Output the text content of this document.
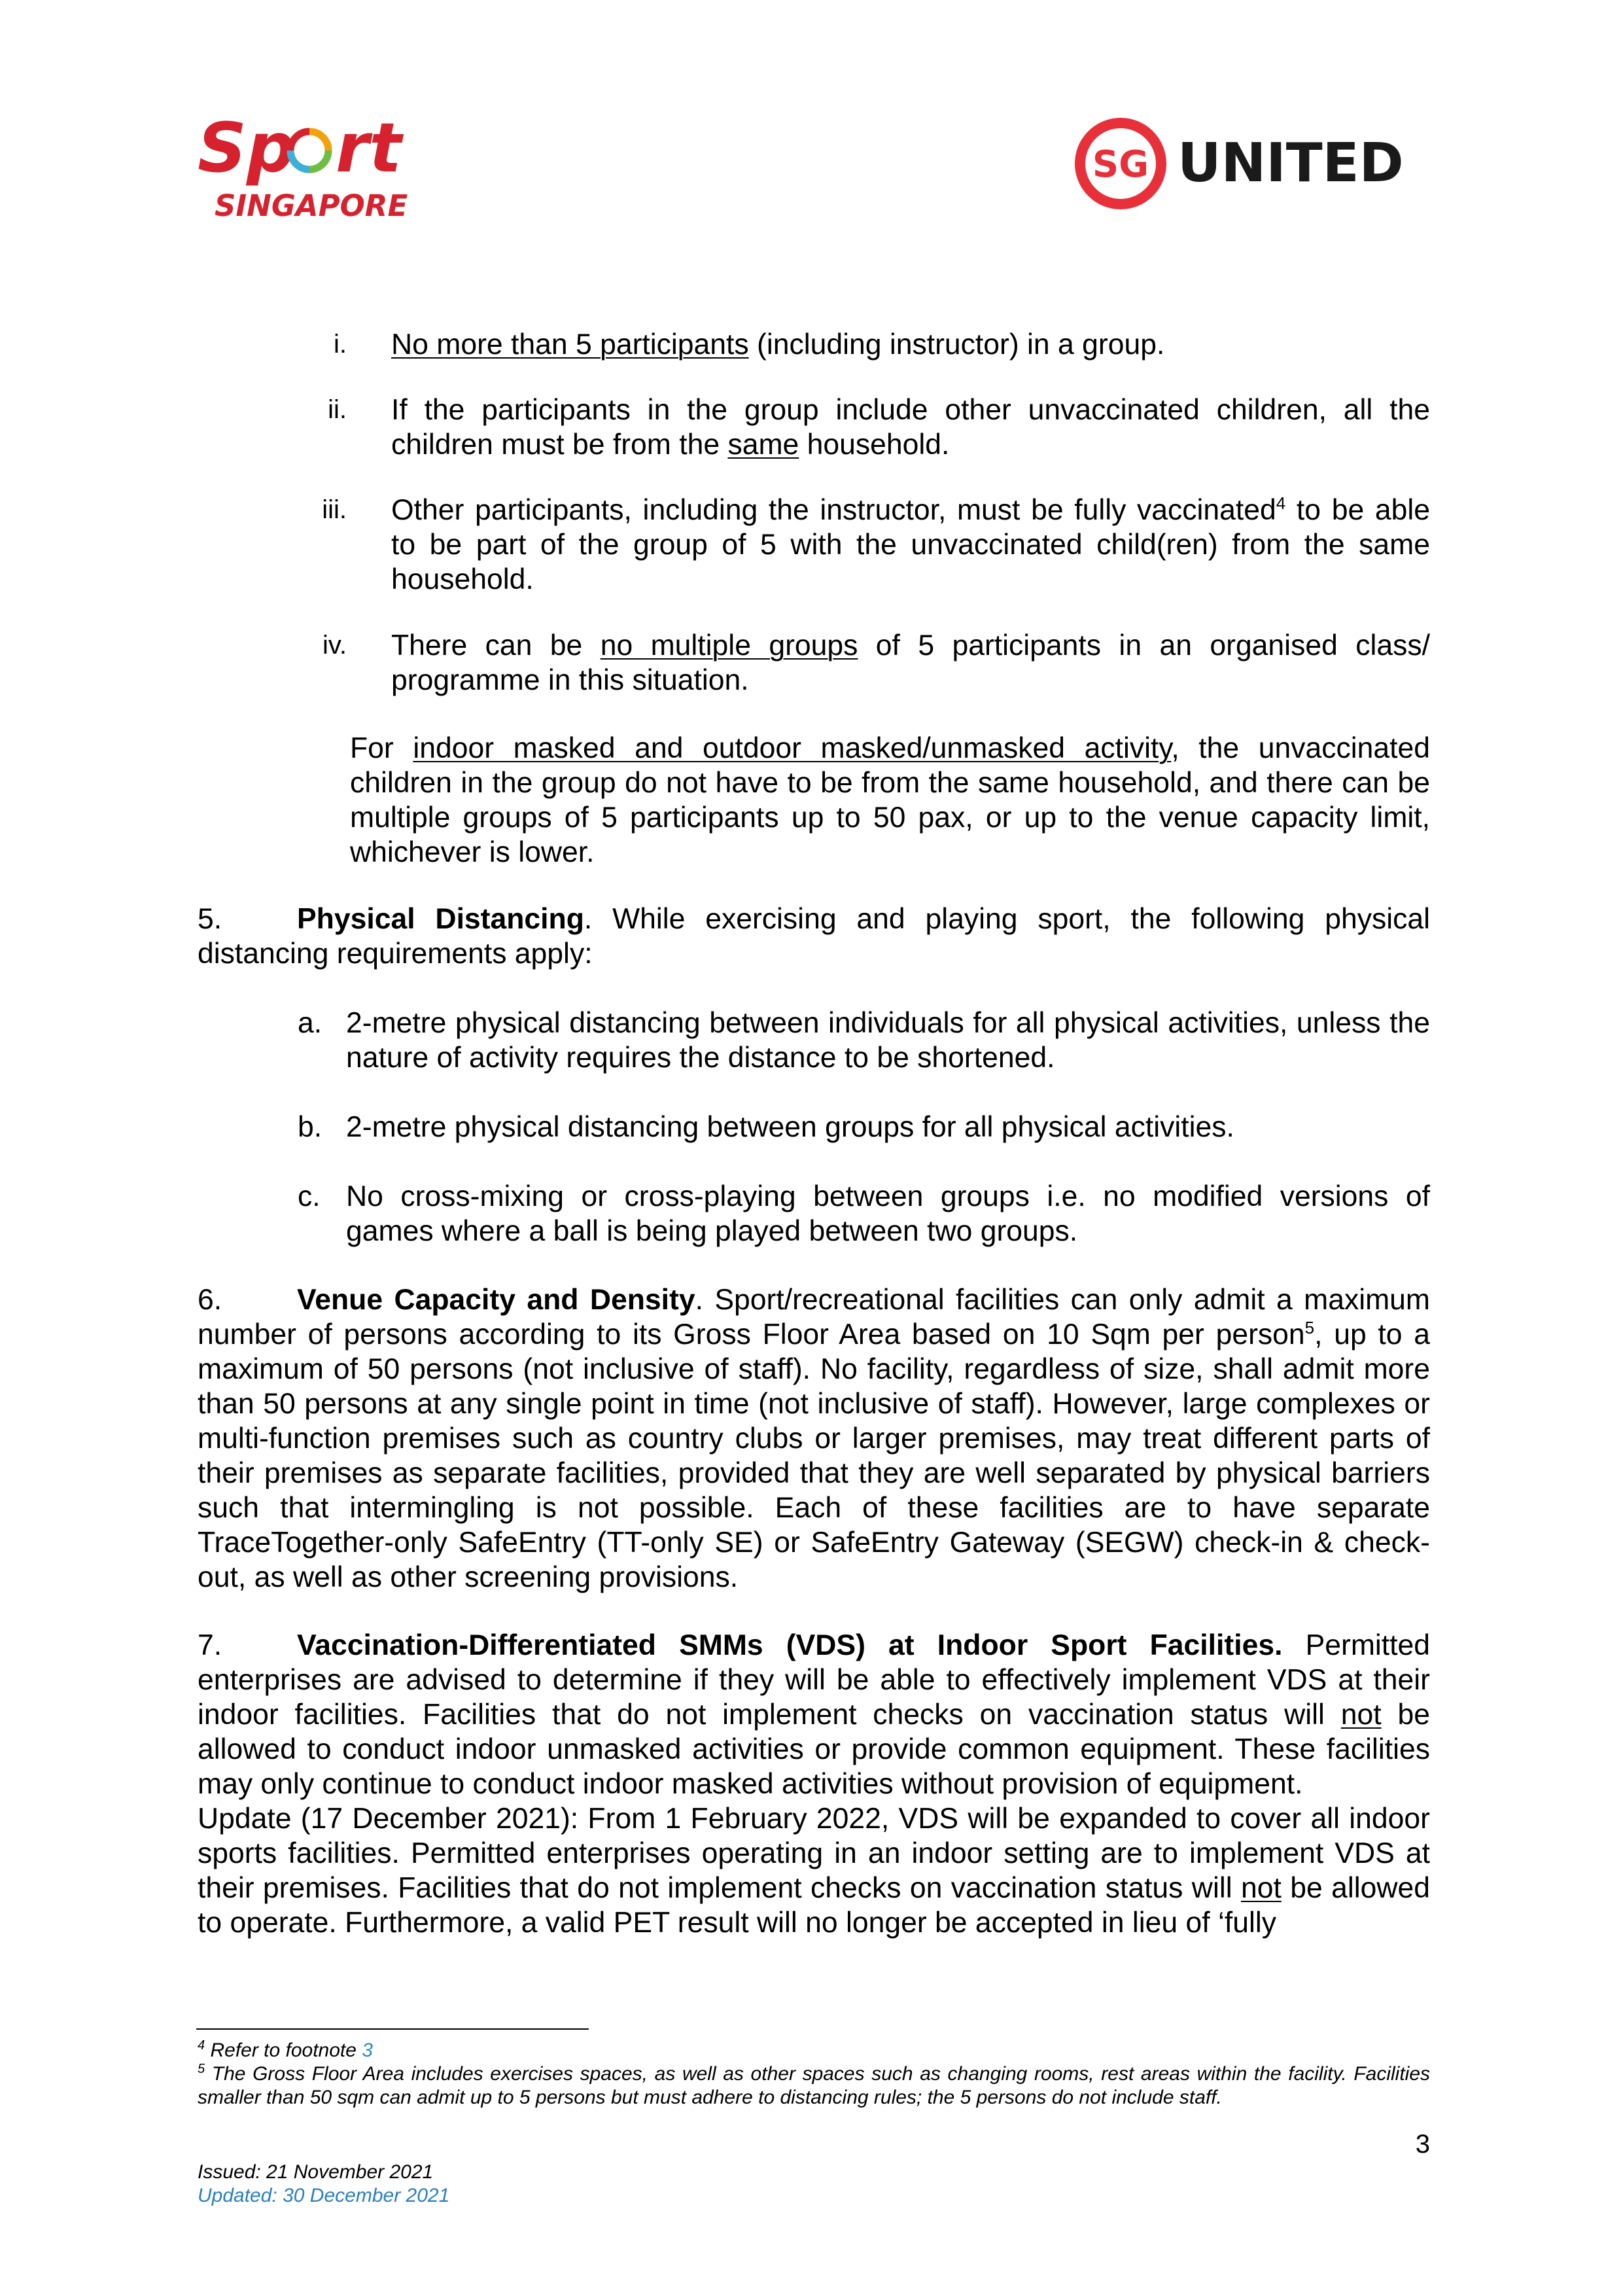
Sp rt
SINGAPORE
SG UNITED
i. No more than 5 participants (including instructor) in a group.
ii. If the participants in the group include other unvaccinated children, all the children must be from the same household.
iii. Other participants, including the instructor, must be fully vaccinated$^4$ to be able to be part of the group of 5 with the unvaccinated child(ren) from the same household.
iv. There can be no multiple groups of 5 participants in an organised class/ programme in this situation.
For indoor masked and outdoor masked/unmasked activity, the unvaccinated children in the group do not have to be from the same household, and there can be multiple groups of 5 participants up to 50 pax, or up to the venue capacity limit, whichever is lower.
5.	Physical Distancing. While exercising and playing sport, the following physical distancing requirements apply:
a. 2-metre physical distancing between individuals for all physical activities, unless the nature of activity requires the distance to be shortened.
b. 2-metre physical distancing between groups for all physical activities.
c. No cross-mixing or cross-playing between groups i.e. no modified versions of games where a ball is being played between two groups.
6.	Venue Capacity and Density. Sport/recreational facilities can only admit a maximum number of persons according to its Gross Floor Area based on 10 Sqm per person$^5$, up to a maximum of 50 persons (not inclusive of staff). No facility, regardless of size, shall admit more than 50 persons at any single point in time (not inclusive of staff). However, large complexes or multi-function premises such as country clubs or larger premises, may treat different parts of their premises as separate facilities, provided that they are well separated by physical barriers such that intermingling is not possible. Each of these facilities are to have separate TraceTogether-only SafeEntry (TT-only SE) or SafeEntry Gateway (SEGW) check-in & check-out, as well as other screening provisions.
7.	Vaccination-Differentiated SMMs (VDS) at Indoor Sport Facilities. Permitted enterprises are advised to determine if they will be able to effectively implement VDS at their indoor facilities. Facilities that do not implement checks on vaccination status will not be allowed to conduct indoor unmasked activities or provide common equipment. These facilities may only continue to conduct indoor masked activities without provision of equipment.
Update (17 December 2021): From 1 February 2022, VDS will be expanded to cover all indoor sports facilities. Permitted enterprises operating in an indoor setting are to implement VDS at their premises. Facilities that do not implement checks on vaccination status will not be allowed to operate. Furthermore, a valid PET result will no longer be accepted in lieu of ‘fully
$^4$ Refer to footnote 3
$^5$ The Gross Floor Area includes exercises spaces, as well as other spaces such as changing rooms, rest areas within the facility. Facilities smaller than 50 sqm can admit up to 5 persons but must adhere to distancing rules; the 5 persons do not include staff.
3
Issued: 21 November 2021
Updated: 30 December 2021
